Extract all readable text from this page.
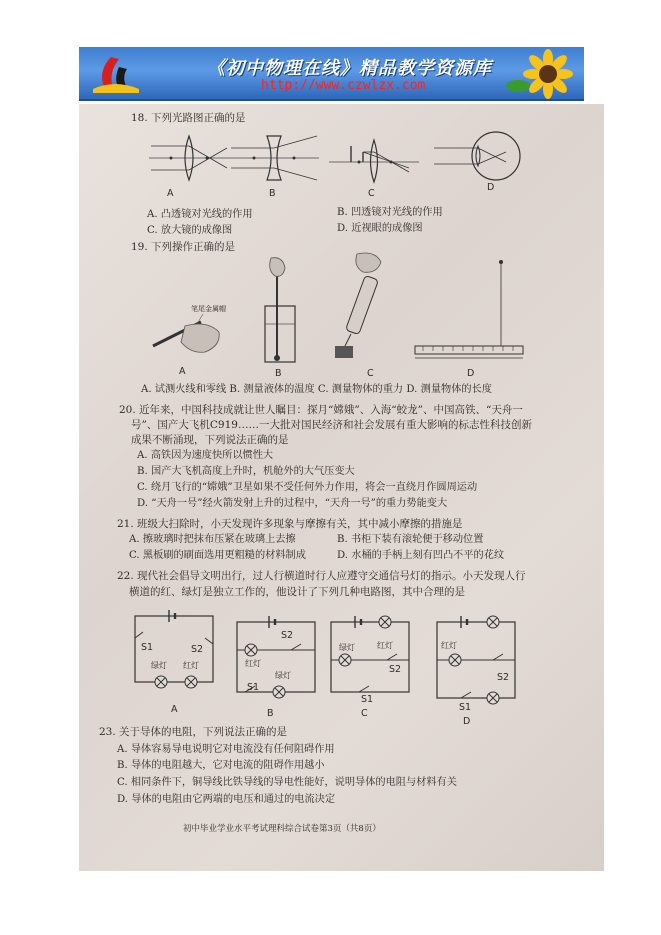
《初中物理在线》精品教学资源库
http://www.czwlzx.com
18. 下列光路图正确的是
A	B	C
D
A. 凸透镜对光线的作用	B. 凹透镜对光线的作用
C. 放大镜的成像图	D. 近视眼的成像图
19. 下列操作正确的是
笔尾金属帽
A	B	C	D
A. 试测火线和零线 B. 测量液体的温度 C. 测量物体的重力 D. 测量物体的长度
20. 近年来，中国科技成就让世人瞩目：探月“嫦娥”、入海“蛟龙”、中国高铁、“天舟一
号”、国产大飞机C919……一大批对国民经济和社会发展有重大影响的标志性科技创新
成果不断涌现，下列说法正确的是
A. 高铁因为速度快所以惯性大
B. 国产大飞机高度上升时，机舱外的大气压变大
C. 绕月飞行的“嫦娥”卫星如果不受任何外力作用，将会一直绕月作圆周运动
D. “天舟一号”经火箭发射上升的过程中，“天舟一号”的重力势能变大
21. 班级大扫除时，小天发现许多现象与摩擦有关，其中减小摩擦的措施是
A. 擦玻璃时把抹布压紧在玻璃上去擦	B. 书柜下装有滚轮便于移动位置
C. 黑板刷的刷面选用更粗糙的材料制成	D. 水桶的手柄上刻有凹凸不平的花纹
22. 现代社会倡导文明出行，过人行横道时行人应遵守交通信号灯的指示。小天发现人行
横道的红、绿灯是独立工作的，他设计了下列几种电路图，其中合理的是
S1	S2
绿灯 红灯
S2
红灯
绿灯
S1
绿灯	红灯
S2
S1
红灯
S2
S1
A	B	C
D
23. 关于导体的电阻，下列说法正确的是
A. 导体容易导电说明它对电流没有任何阻碍作用
B. 导体的电阻越大，它对电流的阻碍作用越小
C. 相同条件下，铜导线比铁导线的导电性能好，说明导体的电阻与材料有关
D. 导体的电阻由它两端的电压和通过的电流决定
初中毕业学业水平考试理科综合试卷第3页（共8页）
